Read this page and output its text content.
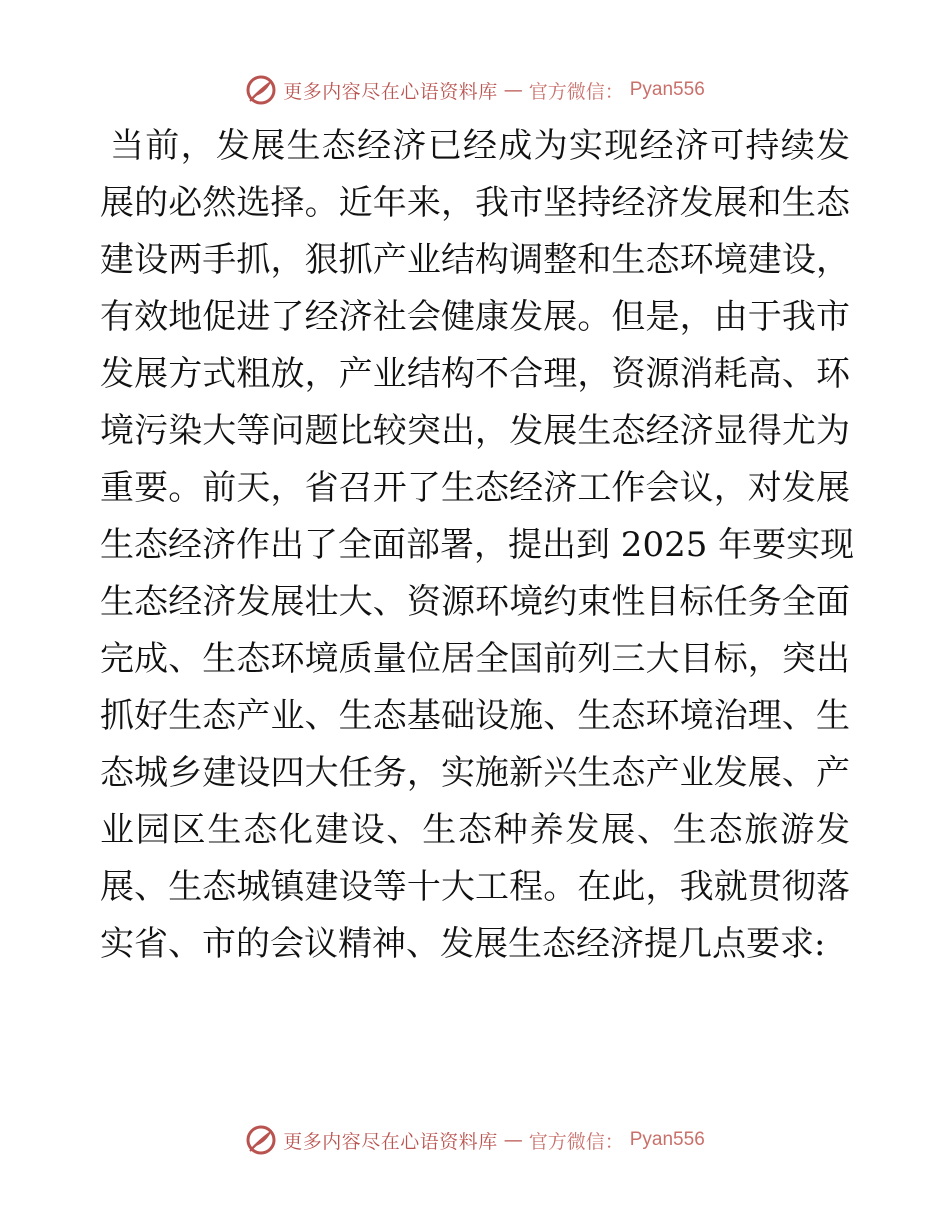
更多内容尽在心语资料库 — 官方微信： Pyan556
当前，发展生态经济已经成为实现经济可持续发
展的必然选择。近年来，我市坚持经济发展和生态
建设两手抓，狠抓产业结构调整和生态环境建设，
有效地促进了经济社会健康发展。但是，由于我市
发展方式粗放，产业结构不合理，资源消耗高、环
境污染大等问题比较突出，发展生态经济显得尤为
重要。前天，省召开了生态经济工作会议，对发展
生态经济作出了全面部署，提出到 2025 年要实现
生态经济发展壮大、资源环境约束性目标任务全面
完成、生态环境质量位居全国前列三大目标，突出
抓好生态产业、生态基础设施、生态环境治理、生
态城乡建设四大任务，实施新兴生态产业发展、产
业园区生态化建设、生态种养发展、生态旅游发
展、生态城镇建设等十大工程。在此，我就贯彻落
实省、市的会议精神、发展生态经济提几点要求:
更多内容尽在心语资料库 — 官方微信： Pyan556
